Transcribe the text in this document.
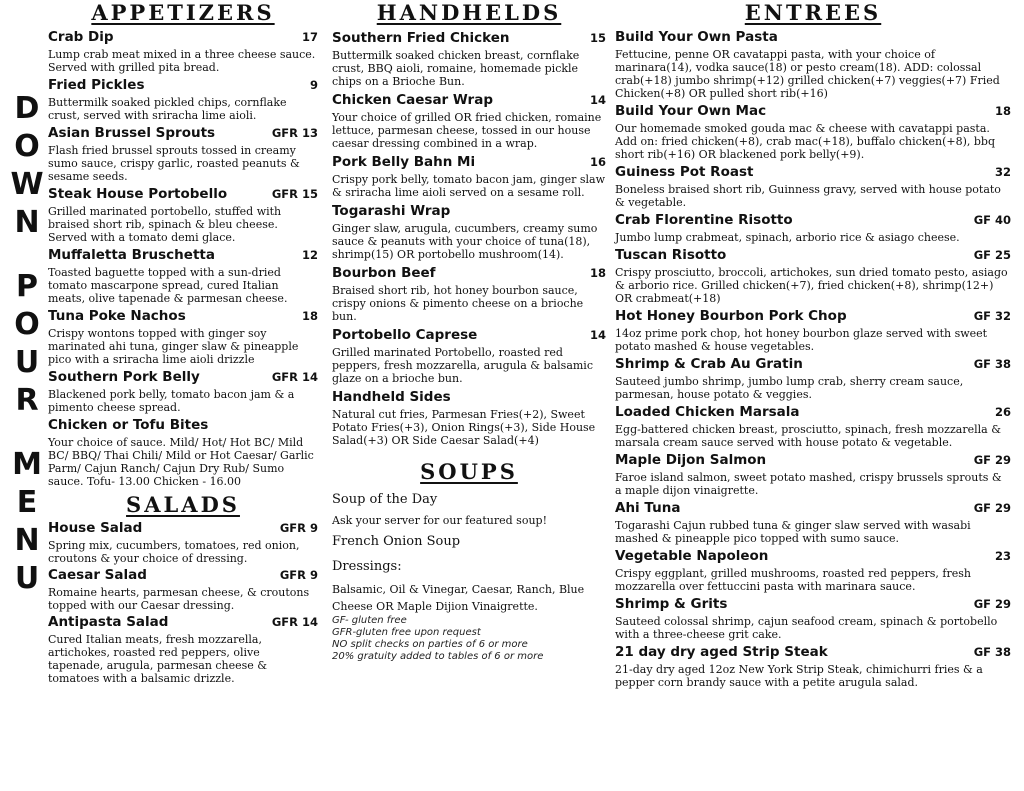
D
O
W
N
P
O
U
R
M
E
N
U
APPETIZERS
Crab Dip	17
Lump crab meat mixed in a three cheese sauce. Served with grilled pita bread.
Fried Pickles	9
Buttermilk soaked pickled chips, cornflake crust, served with sriracha lime aioli.
Asian Brussel Sprouts	GFR 13
Flash fried brussel sprouts tossed in creamy sumo sauce, crispy garlic, roasted peanuts & sesame seeds.
Steak House Portobello	GFR 15
Grilled marinated portobello, stuffed with braised short rib, spinach & bleu cheese. Served with a tomato demi glace.
Muffaletta Bruschetta	12
Toasted baguette topped with a sun-dried tomato mascarpone spread, cured Italian meats, olive tapenade & parmesan cheese.
Tuna Poke Nachos	18
Crispy wontons topped with ginger soy marinated ahi tuna, ginger slaw & pineapple pico with a sriracha lime aioli drizzle
Southern Pork Belly	GFR 14
Blackened pork belly, tomato bacon jam & a pimento cheese spread.
Chicken or Tofu Bites
Your choice of sauce. Mild/ Hot/ Hot BC/ Mild BC/ BBQ/ Thai Chili/ Mild or Hot Caesar/ Garlic Parm/ Cajun Ranch/ Cajun Dry Rub/ Sumo sauce. Tofu- 13.00 Chicken - 16.00
SALADS
House Salad	GFR 9
Spring mix, cucumbers, tomatoes, red onion, croutons & your choice of dressing.
Caesar Salad	GFR 9
Romaine hearts, parmesan cheese, & croutons topped with our Caesar dressing.
Antipasta Salad	GFR 14
Cured Italian meats, fresh mozzarella, artichokes, roasted red peppers, olive tapenade, arugula, parmesan cheese & tomatoes with a balsamic drizzle.
HANDHELDS
Southern Fried Chicken	15
Buttermilk soaked chicken breast, cornflake crust, BBQ aioli, romaine, homemade pickle chips on a Brioche Bun.
Chicken Caesar Wrap	14
Your choice of grilled OR fried chicken, romaine lettuce, parmesan cheese, tossed in our house caesar dressing combined in a wrap.
Pork Belly Bahn Mi	16
Crispy pork belly, tomato bacon jam, ginger slaw & sriracha lime aioli served on a sesame roll.
Togarashi Wrap
Ginger slaw, arugula, cucumbers, creamy sumo sauce & peanuts with your choice of tuna(18), shrimp(15) OR portobello mushroom(14).
Bourbon Beef	18
Braised short rib, hot honey bourbon sauce, crispy onions & pimento cheese on a brioche bun.
Portobello Caprese	14
Grilled marinated Portobello, roasted red peppers, fresh mozzarella, arugula & balsamic glaze on a brioche bun.
Handheld Sides
Natural cut fries, Parmesan Fries(+2), Sweet Potato Fries(+3), Onion Rings(+3), Side House Salad(+3) OR Side Caesar Salad(+4)
SOUPS
Soup of the Day
Ask your server for our featured soup!
French Onion Soup
Dressings:
Balsamic, Oil & Vinegar, Caesar, Ranch, Blue Cheese OR Maple Dijion Vinaigrette.
GF- gluten free
GFR-gluten free upon request
NO split checks on parties of 6 or more
20% gratuity added to tables of 6 or more
ENTREES
Build Your Own Pasta
Fettucine, penne OR cavatappi pasta, with your choice of marinara(14), vodka sauce(18) or pesto cream(18). ADD: colossal crab(+18) jumbo shrimp(+12) grilled chicken(+7) veggies(+7) Fried Chicken(+8) OR pulled short rib(+16)
Build Your Own Mac	18
Our homemade smoked gouda mac & cheese with cavatappi pasta. Add on: fried chicken(+8), crab mac(+18), buffalo chicken(+8), bbq short rib(+16) OR blackened pork belly(+9).
Guiness Pot Roast	32
Boneless braised short rib, Guinness gravy, served with house potato & vegetable.
Crab Florentine Risotto	GF 40
Jumbo lump crabmeat, spinach, arborio rice & asiago cheese.
Tuscan Risotto	GF 25
Crispy prosciutto, broccoli, artichokes, sun dried tomato pesto, asiago & arborio rice. Grilled chicken(+7), fried chicken(+8), shrimp(12+) OR crabmeat(+18)
Hot Honey Bourbon Pork Chop	GF 32
14oz prime pork chop, hot honey bourbon glaze served with sweet potato mashed & house vegetables.
Shrimp & Crab Au Gratin	GF 38
Sauteed jumbo shrimp, jumbo lump crab, sherry cream sauce, parmesan, house potato & veggies.
Loaded Chicken Marsala	26
Egg-battered chicken breast, prosciutto, spinach, fresh mozzarella & marsala cream sauce served with house potato & vegetable.
Maple Dijon Salmon	GF 29
Faroe island salmon, sweet potato mashed, crispy brussels sprouts & a maple dijon vinaigrette.
Ahi Tuna	GF 29
Togarashi Cajun rubbed tuna & ginger slaw served with wasabi mashed & pineapple pico topped with sumo sauce.
Vegetable Napoleon	23
Crispy eggplant, grilled mushrooms, roasted red peppers, fresh mozzarella over fettuccini pasta with marinara sauce.
Shrimp & Grits	GF 29
Sauteed colossal shrimp, cajun seafood cream, spinach & portobello with a three-cheese grit cake.
21 day dry aged Strip Steak	GF 38
21-day dry aged 12oz New York Strip Steak, chimichurri fries & a pepper corn brandy sauce with a petite arugula salad.
